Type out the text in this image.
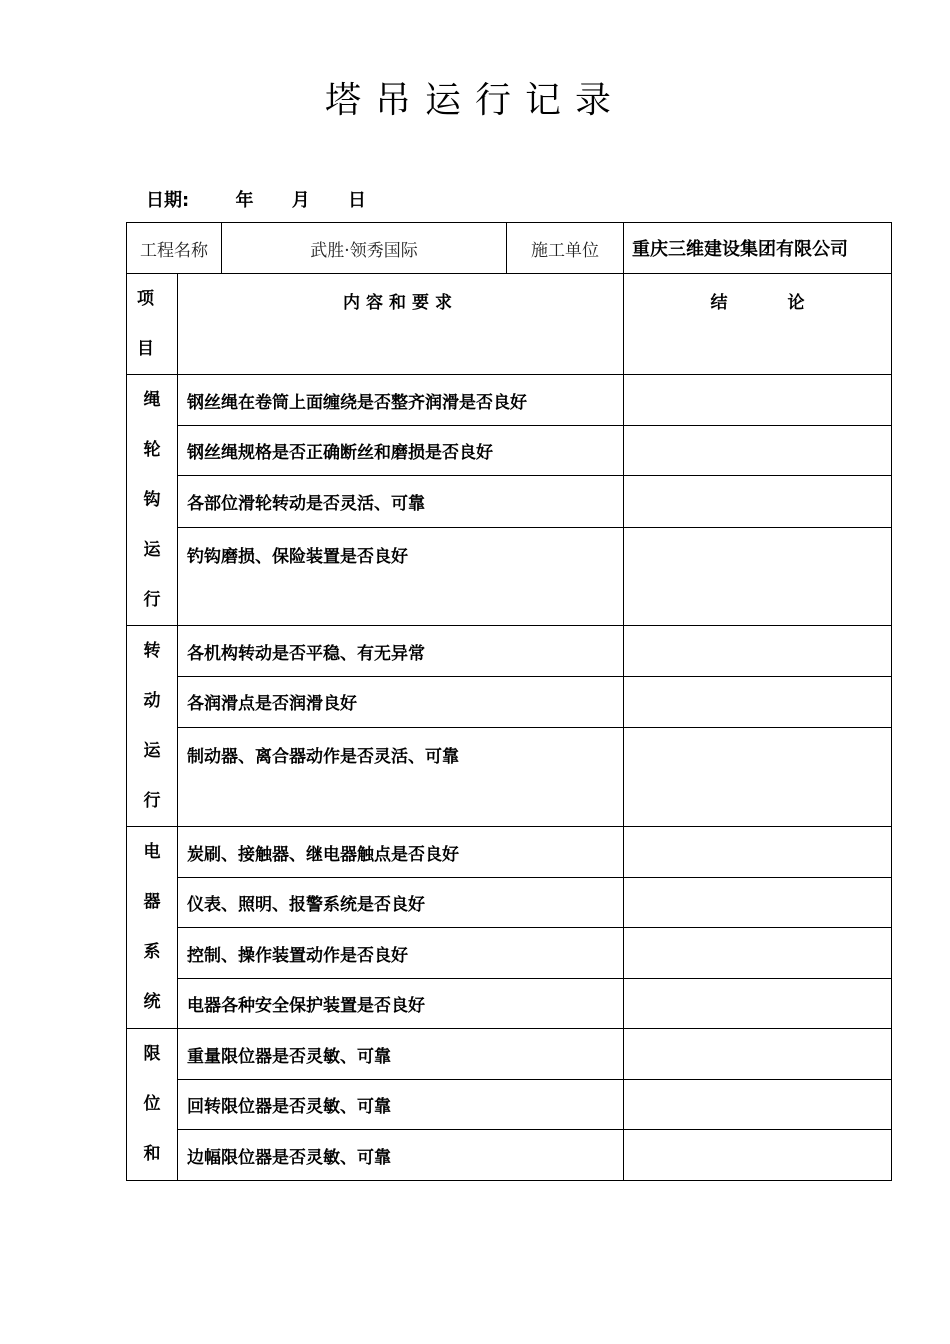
塔吊运行记录
日期:	年 月 日
工程名称	武胜·领秀国际	施工单位	重庆三维建设集团有限公司
项
目	内容和要求	结 论

绳
轮
钩
运
行	钢丝绳在卷筒上面缠绕是否整齐润滑是否良好	
	钢丝绳规格是否正确断丝和磨损是否良好	
	各部位滑轮转动是否灵活、可靠	
	钓钩磨损、保险装置是否良好	

转
动
运
行	各机构转动是否平稳、有无异常	
	各润滑点是否润滑良好	
	制动器、离合器动作是否灵活、可靠	

电
器
系
统	炭刷、接触器、继电器触点是否良好	
	仪表、照明、报警系统是否良好	
	控制、操作装置动作是否良好	
	电器各种安全保护装置是否良好	

限
位
和	重量限位器是否灵敏、可靠	
	回转限位器是否灵敏、可靠	
	边幅限位器是否灵敏、可靠	
